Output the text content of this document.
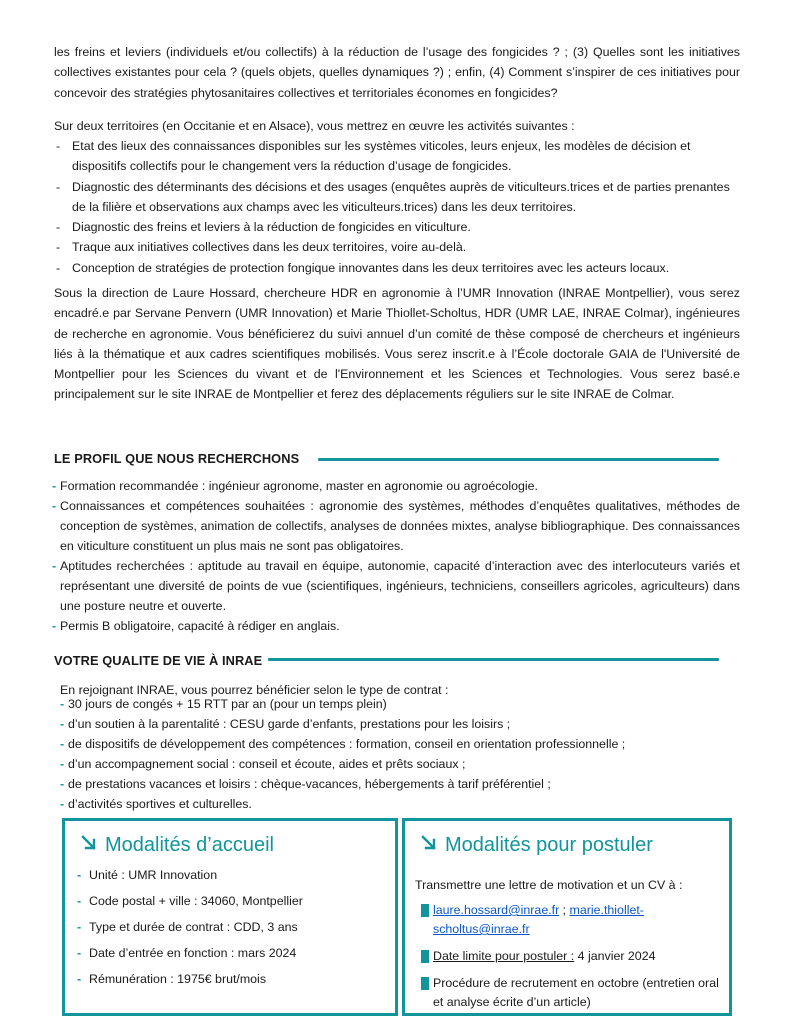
les freins et leviers (individuels et/ou collectifs) à la réduction de l’usage des fongicides ? ; (3) Quelles sont les initiatives collectives existantes pour cela ? (quels objets, quelles dynamiques ?) ; enfin, (4) Comment s’inspirer de ces initiatives pour concevoir des stratégies phytosanitaires collectives et territoriales économes en fongicides?

Sur deux territoires (en Occitanie et en Alsace), vous mettrez en œuvre les activités suivantes :

- Etat des lieux des connaissances disponibles sur les systèmes viticoles, leurs enjeux, les modèles de décision et dispositifs collectifs pour le changement vers la réduction d’usage de fongicides.
- Diagnostic des déterminants des décisions et des usages (enquêtes auprès de viticulteurs.trices et de parties prenantes de la filière et observations aux champs avec les viticulteurs.trices) dans les deux territoires.
- Diagnostic des freins et leviers à la réduction de fongicides en viticulture.
- Traque aux initiatives collectives dans les deux territoires, voire au-delà.
- Conception de stratégies de protection fongique innovantes dans les deux territoires avec les acteurs locaux.

Sous la direction de Laure Hossard, chercheure HDR en agronomie à l’UMR Innovation (INRAE Montpellier), vous serez encadré.e par Servane Penvern (UMR Innovation) et Marie Thiollet-Scholtus, HDR (UMR LAE, INRAE Colmar), ingénieures de recherche en agronomie. Vous bénéficierez du suivi annuel d’un comité de thèse composé de chercheurs et ingénieurs liés à la thématique et aux cadres scientifiques mobilisés. Vous serez inscrit.e à l’École doctorale GAIA de l'Université de Montpellier pour les Sciences du vivant et de l'Environnement et les Sciences et Technologies. Vous serez basé.e principalement sur le site INRAE de Montpellier et ferez des déplacements réguliers sur le site INRAE de Colmar.

LE PROFIL QUE NOUS RECHERCHONS
- Formation recommandée : ingénieur agronome, master en agronomie ou agroécologie.
- Connaissances et compétences souhaitées : agronomie des systèmes, méthodes d’enquêtes qualitatives, méthodes de conception de systèmes, animation de collectifs, analyses de données mixtes, analyse bibliographique. Des connaissances en viticulture constituent un plus mais ne sont pas obligatoires.
- Aptitudes recherchées : aptitude au travail en équipe, autonomie, capacité d’interaction avec des interlocuteurs variés et représentant une diversité de points de vue (scientifiques, ingénieurs, techniciens, conseillers agricoles, agriculteurs) dans une posture neutre et ouverte.
- Permis B obligatoire, capacité à rédiger en anglais.
VOTRE QUALITE DE VIE À INRAE
En rejoignant INRAE, vous pourrez bénéficier selon le type de contrat :
- 30 jours de congés + 15 RTT par an (pour un temps plein)
- d’un soutien à la parentalité : CESU garde d’enfants, prestations pour les loisirs ;
- de dispositifs de développement des compétences : formation, conseil en orientation professionnelle ;
- d’un accompagnement social : conseil et écoute, aides et prêts sociaux ;
- de prestations vacances et loisirs : chèque-vacances, hébergements à tarif préférentiel ;
- d’activités sportives et culturelles.
Modalités d’accueil
- Unité : UMR Innovation
- Code postal + ville : 34060, Montpellier
- Type et durée de contrat : CDD, 3 ans
- Date d’entrée en fonction : mars 2024
- Rémunération : 1975€ brut/mois
Modalités pour postuler
Transmettre une lettre de motivation et un CV à :
laure.hossard@inrae.fr ; marie.thiollet-scholtus@inrae.fr
Date limite pour postuler : 4 janvier 2024
Procédure de recrutement en octobre (entretien oral et analyse écrite d’un article)
